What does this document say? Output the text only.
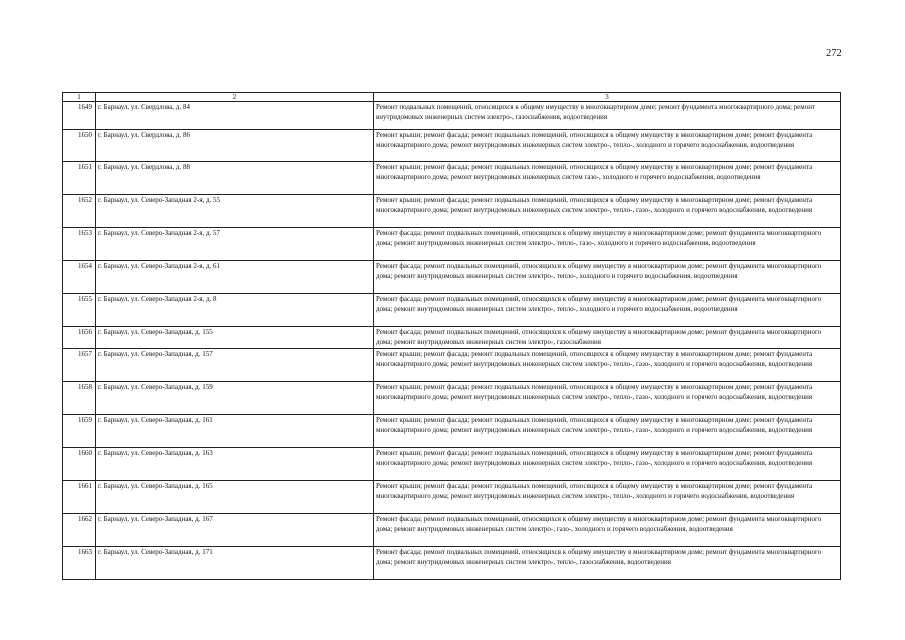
272
1	2	3
1649	г. Барнаул, ул. Свердлова, д. 84	Ремонт подвальных помещений, относящихся к общему имуществу в многоквартирном доме; ремонт фундамента многоквартирного дома; ремонт внутридомовых инженерных систем электро-, газоснабжения, водоотведения
1650	г. Барнаул, ул. Свердлова, д. 86	Ремонт крыши; ремонт фасада; ремонт подвальных помещений, относящихся к общему имуществу в многоквартирном доме; ремонт фундамента многоквартирного дома; ремонт внутридомовых инженерных систем электро-, тепло-, холодного и горячего водоснабжения, водоотведения
1651	г. Барнаул, ул. Свердлова, д. 88	Ремонт крыши; ремонт фасада; ремонт подвальных помещений, относящихся к общему имуществу в многоквартирном доме; ремонт фундамента многоквартирного дома; ремонт внутридомовых инженерных систем газо-, холодного и горячего водоснабжения, водоотведения
1652	г. Барнаул, ул. Северо-Западная 2-я, д. 55	Ремонт крыши; ремонт фасада; ремонт подвальных помещений, относящихся к общему имуществу в многоквартирном доме; ремонт фундамента многоквартирного дома; ремонт внутридомовых инженерных систем электро-, тепло-, газо-, холодного и горячего водоснабжения, водоотведения
1653	г. Барнаул, ул. Северо-Западная 2-я, д. 57	Ремонт фасада; ремонт подвальных помещений, относящихся к общему имуществу в многоквартирном доме; ремонт фундамента многоквартирного дома; ремонт внутридомовых инженерных систем электро-, тепло-, газо-, холодного и горячего водоснабжения, водоотведения
1654	г. Барнаул, ул. Северо-Западная 2-я, д. 61	Ремонт фасада; ремонт подвальных помещений, относящихся к общему имуществу в многоквартирном доме; ремонт фундамента многоквартирного дома; ремонт внутридомовых инженерных систем электро-, тепло-, холодного и горячего водоснабжения, водоотведения
1655	г. Барнаул, ул. Северо-Западная 2-я, д. 8	Ремонт фасада; ремонт подвальных помещений, относящихся к общему имуществу в многоквартирном доме; ремонт фундамента многоквартирного дома; ремонт внутридомовых инженерных систем электро-, тепло-, холодного и горячего водоснабжения, водоотведения
1656	г. Барнаул, ул. Северо-Западная, д. 155	Ремонт фасада; ремонт подвальных помещений, относящихся к общему имуществу в многоквартирном доме; ремонт фундамента многоквартирного дома; ремонт внутридомовых инженерных систем электро-, газоснабжения
1657	г. Барнаул, ул. Северо-Западная, д. 157	Ремонт крыши; ремонт фасада; ремонт подвальных помещений, относящихся к общему имуществу в многоквартирном доме; ремонт фундамента многоквартирного дома; ремонт внутридомовых инженерных систем электро-, тепло-, газо-, холодного и горячего водоснабжения, водоотведения
1658	г. Барнаул, ул. Северо-Западная, д. 159	Ремонт крыши; ремонт фасада; ремонт подвальных помещений, относящихся к общему имуществу в многоквартирном доме; ремонт фундамента многоквартирного дома; ремонт внутридомовых инженерных систем электро-, тепло-, газо-, холодного и горячего водоснабжения, водоотведения
1659	г. Барнаул, ул. Северо-Западная, д. 161	Ремонт крыши; ремонт фасада; ремонт подвальных помещений, относящихся к общему имуществу в многоквартирном доме; ремонт фундамента многоквартирного дома; ремонт внутридомовых инженерных систем электро-, тепло-, газо-, холодного и горячего водоснабжения, водоотведения
1660	г. Барнаул, ул. Северо-Западная, д. 163	Ремонт крыши; ремонт фасада; ремонт подвальных помещений, относящихся к общему имуществу в многоквартирном доме; ремонт фундамента многоквартирного дома; ремонт внутридомовых инженерных систем электро-, тепло-, газо-, холодного и горячего водоснабжения, водоотведения
1661	г. Барнаул, ул. Северо-Западная, д. 165	Ремонт крыши; ремонт фасада; ремонт подвальных помещений, относящихся к общему имуществу в многоквартирном доме; ремонт фундамента многоквартирного дома; ремонт внутридомовых инженерных систем электро-, тепло-, холодного и горячего водоснабжения, водоотведения
1662	г. Барнаул, ул. Северо-Западная, д. 167	Ремонт фасада; ремонт подвальных помещений, относящихся к общему имуществу в многоквартирном доме; ремонт фундамента многоквартирного дома; ремонт внутридомовых инженерных систем электро-, газо-, холодного и горячего водоснабжения, водоотведения
1663	г. Барнаул, ул. Северо-Западная, д. 171	Ремонт фасада; ремонт подвальных помещений, относящихся к общему имуществу в многоквартирном доме; ремонт фундамента многоквартирного дома; ремонт внутридомовых инженерных систем электро-, тепло-, газоснабжения, водоотведения
